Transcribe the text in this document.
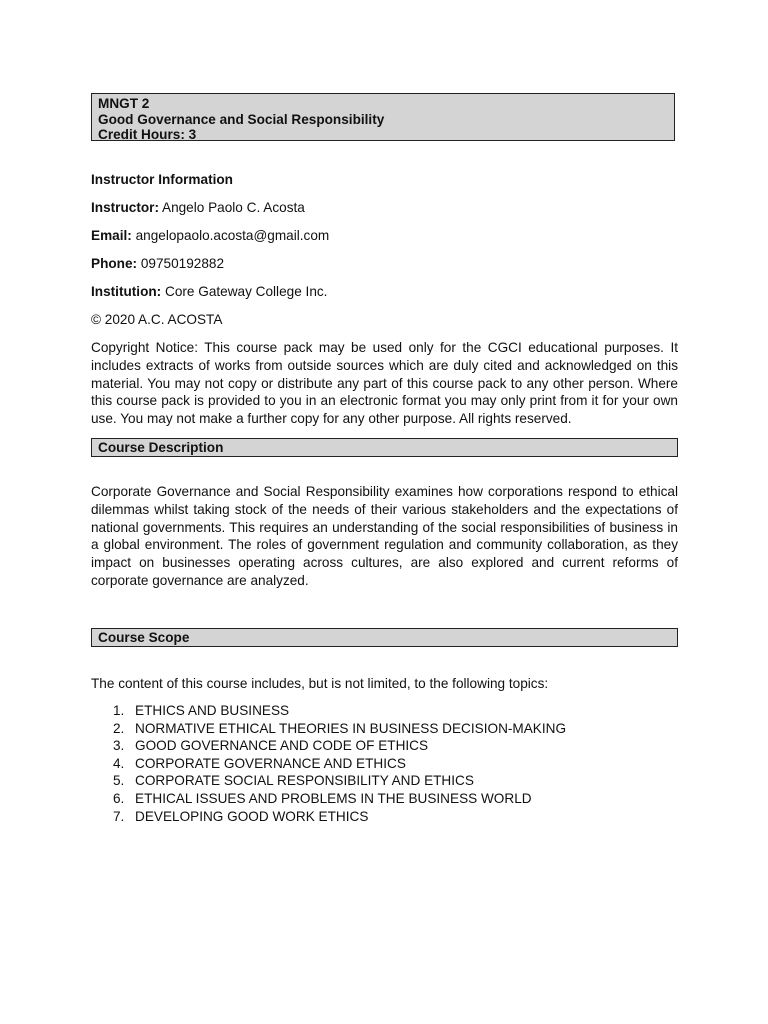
MNGT 2
Good Governance and Social Responsibility
Credit Hours: 3
Instructor Information
Instructor: Angelo Paolo C. Acosta
Email: angelopaolo.acosta@gmail.com
Phone: 09750192882
Institution: Core Gateway College Inc.
© 2020 A.C. ACOSTA
Copyright Notice: This course pack may be used only for the CGCI educational purposes. It includes extracts of works from outside sources which are duly cited and acknowledged on this material. You may not copy or distribute any part of this course pack to any other person. Where this course pack is provided to you in an electronic format you may only print from it for your own use. You may not make a further copy for any other purpose. All rights reserved.
Course Description
Corporate Governance and Social Responsibility examines how corporations respond to ethical dilemmas whilst taking stock of the needs of their various stakeholders and the expectations of national governments. This requires an understanding of the social responsibilities of business in a global environment. The roles of government regulation and community collaboration, as they impact on businesses operating across cultures, are also explored and current reforms of corporate governance are analyzed.
Course Scope
The content of this course includes, but is not limited, to the following topics:
1. ETHICS AND BUSINESS
2. NORMATIVE ETHICAL THEORIES IN BUSINESS DECISION-MAKING
3. GOOD GOVERNANCE AND CODE OF ETHICS
4. CORPORATE GOVERNANCE AND ETHICS
5. CORPORATE SOCIAL RESPONSIBILITY AND ETHICS
6. ETHICAL ISSUES AND PROBLEMS IN THE BUSINESS WORLD
7. DEVELOPING GOOD WORK ETHICS
